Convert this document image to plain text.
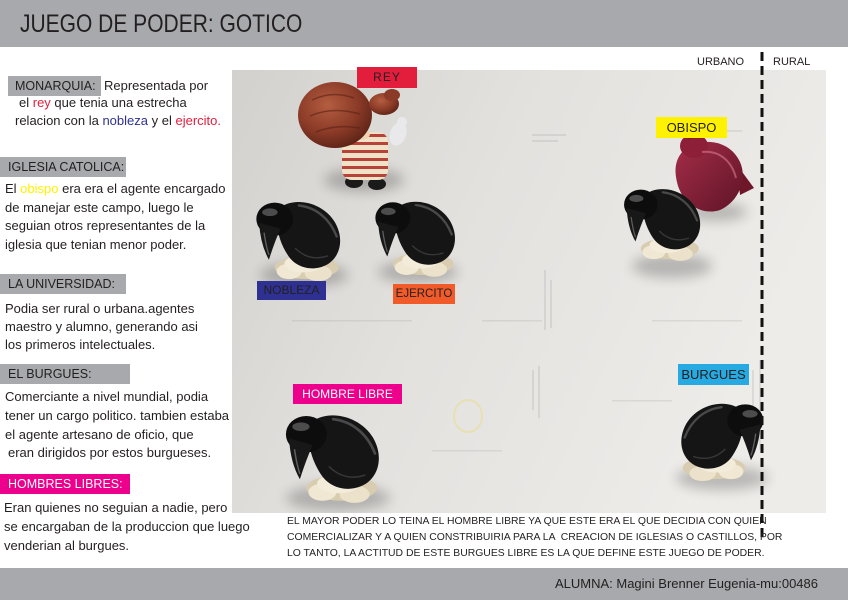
JUEGO DE PODER: GOTICO
URBANO	RURAL
REY
OBISPO
NOBLEZA	EJERCITO
HOMBRE LIBRE
BURGUES
MONARQUIA: Representada por
el rey que tenia una estrecha
relacion con la nobleza y el ejercito.
IGLESIA CATOLICA:
El obispo era era el agente encargado
de manejar este campo, luego le
seguian otros representantes de la
iglesia que tenian menor poder.
LA UNIVERSIDAD:
Podia ser rural o urbana.agentes
maestro y alumno, generando asi
los primeros intelectuales.
EL BURGUES:
Comerciante a nivel mundial, podia
tener un cargo politico. tambien estaba
el agente artesano de oficio, que
eran dirigidos por estos burgueses.
HOMBRES LIBRES:
Eran quienes no seguian a nadie, pero
se encargaban de la produccion que luego
venderian al burgues.
EL MAYOR PODER LO TEINA EL HOMBRE LIBRE YA QUE ESTE ERA EL QUE DECIDIA CON QUIEN
COMERCIALIZAR Y A QUIEN CONSTRIBUIRIA PARA LA  CREACION DE IGLESIAS O CASTILLOS, POR
LO TANTO, LA ACTITUD DE ESTE BURGUES LIBRE ES LA QUE DEFINE ESTE JUEGO DE PODER.
ALUMNA: Magini Brenner Eugenia-mu:00486
